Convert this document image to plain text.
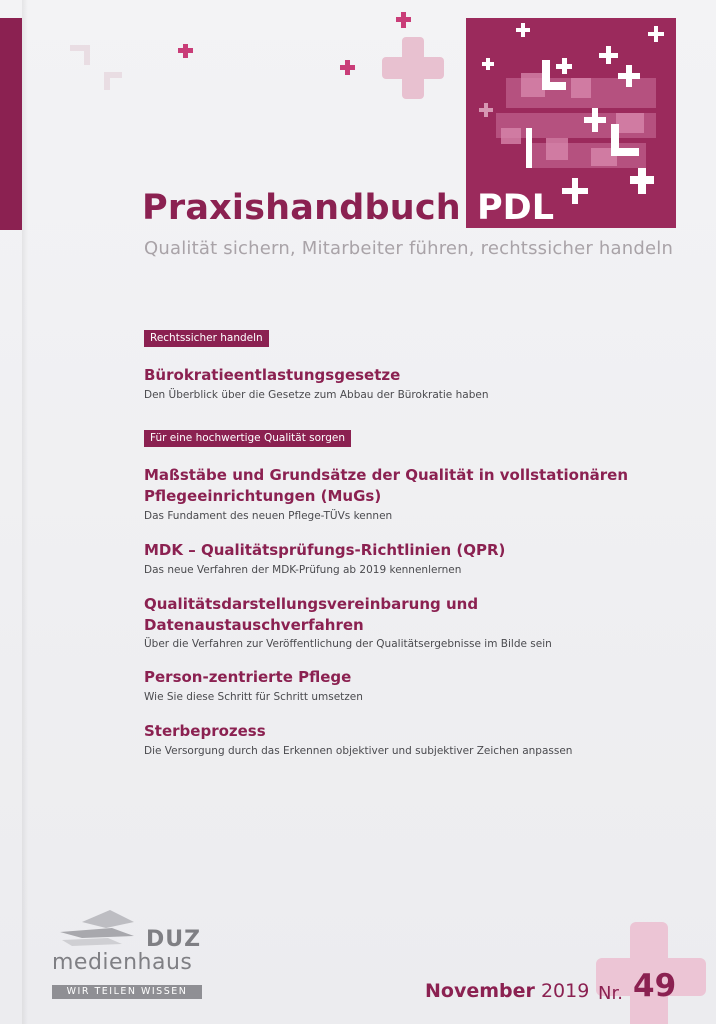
Praxishandbuch PDL
Qualität sichern, Mitarbeiter führen, rechtssicher handeln
Rechtssicher handeln
Bürokratieentlastungsgesetze
Den Überblick über die Gesetze zum Abbau der Bürokratie haben
Für eine hochwertige Qualität sorgen
Maßstäbe und Grundsätze der Qualität in vollstationären
Pflegeeinrichtungen (MuGs)
Das Fundament des neuen Pflege-TÜVs kennen
MDK – Qualitätsprüfungs-Richtlinien (QPR)
Das neue Verfahren der MDK-Prüfung ab 2019 kennenlernen
Qualitätsdarstellungsvereinbarung und
Datenaustauschverfahren
Über die Verfahren zur Veröffentlichung der Qualitätsergebnisse im Bilde sein
Person-zentrierte Pflege
Wie Sie diese Schritt für Schritt umsetzen
Sterbeprozess
Die Versorgung durch das Erkennen objektiver und subjektiver Zeichen anpassen
DUZ
medienhaus
WIR TEILEN WISSEN	November 2019 Nr. 49
